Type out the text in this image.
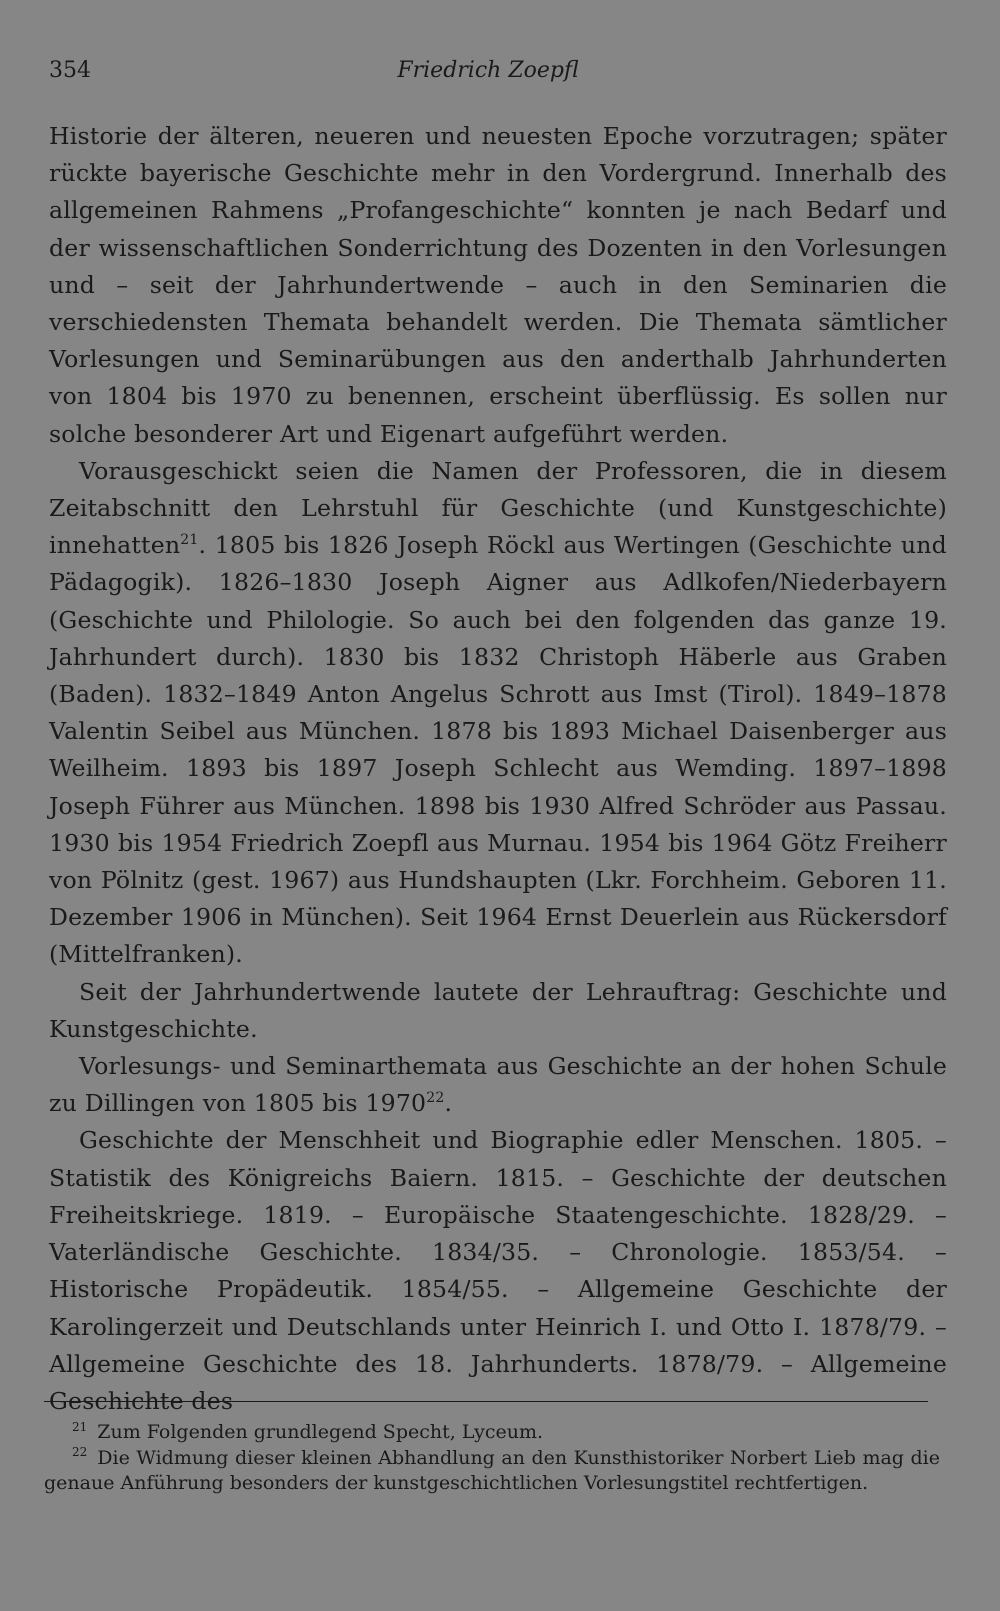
354	Friedrich Zoepfl

Historie der älteren, neueren und neuesten Epoche vorzutragen; später rückte bayerische Geschichte mehr in den Vordergrund. Innerhalb des allgemeinen Rahmens „Profangeschichte“ konnten je nach Bedarf und der wissenschaftlichen Sonderrichtung des Dozenten in den Vorlesungen und – seit der Jahrhundertwende – auch in den Seminarien die verschiedensten Themata behandelt werden. Die Themata sämtlicher Vorlesungen und Seminarübungen aus den anderthalb Jahrhunderten von 1804 bis 1970 zu benennen, erscheint überflüssig. Es sollen nur solche besonderer Art und Eigenart aufgeführt werden.

Vorausgeschickt seien die Namen der Professoren, die in diesem Zeitabschnitt den Lehrstuhl für Geschichte (und Kunstgeschichte) innehatten$^{21}$. 1805 bis 1826 Joseph Röckl aus Wertingen (Geschichte und Pädagogik). 1826–1830 Joseph Aigner aus Adlkofen/Niederbayern (Geschichte und Philologie. So auch bei den folgenden das ganze 19. Jahrhundert durch). 1830 bis 1832 Christoph Häberle aus Graben (Baden). 1832–1849 Anton Angelus Schrott aus Imst (Tirol). 1849–1878 Valentin Seibel aus München. 1878 bis 1893 Michael Daisenberger aus Weilheim. 1893 bis 1897 Joseph Schlecht aus Wemding. 1897–1898 Joseph Führer aus München. 1898 bis 1930 Alfred Schröder aus Passau. 1930 bis 1954 Friedrich Zoepfl aus Murnau. 1954 bis 1964 Götz Freiherr von Pölnitz (gest. 1967) aus Hundshaupten (Lkr. Forchheim. Geboren 11. Dezember 1906 in München). Seit 1964 Ernst Deuerlein aus Rückersdorf (Mittelfranken).

Seit der Jahrhundertwende lautete der Lehrauftrag: Geschichte und Kunstgeschichte.

Vorlesungs- und Seminarthemata aus Geschichte an der hohen Schule zu Dillingen von 1805 bis 1970$^{22}$.

Geschichte der Menschheit und Biographie edler Menschen. 1805. – Statistik des Königreichs Baiern. 1815. – Geschichte der deutschen Freiheitskriege. 1819. – Europäische Staatengeschichte. 1828/29. – Vaterländische Geschichte. 1834/35. – Chronologie. 1853/54. – Historische Propädeutik. 1854/55. – Allgemeine Geschichte der Karolingerzeit und Deutschlands unter Heinrich I. und Otto I. 1878/79. – Allgemeine Geschichte des 18. Jahrhunderts. 1878/79. – Allgemeine Geschichte des

$^{21}$ Zum Folgenden grundlegend Specht, Lyceum.

$^{22}$ Die Widmung dieser kleinen Abhandlung an den Kunsthistoriker Norbert Lieb mag die genaue Anführung besonders der kunstgeschichtlichen Vorlesungstitel rechtfertigen.
